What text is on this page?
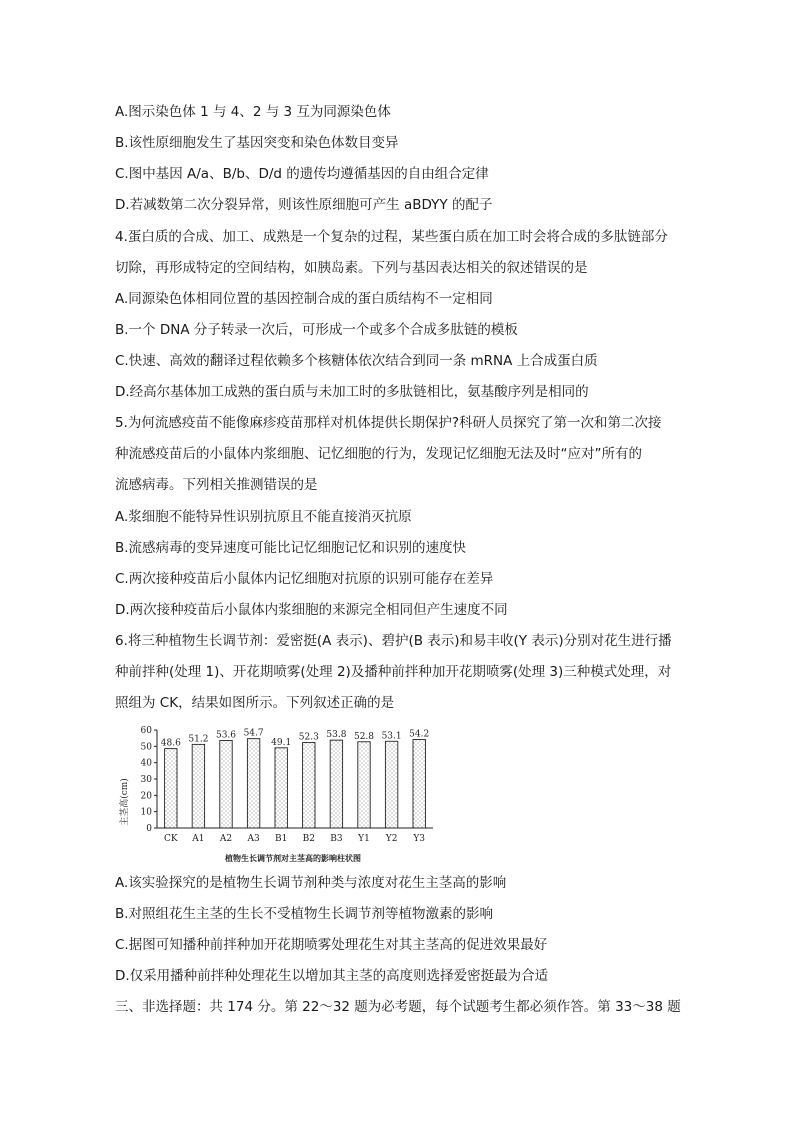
A.图示染色体 1 与 4、2 与 3 互为同源染色体
B.该性原细胞发生了基因突变和染色体数目变异
C.图中基因 A/a、B/b、D/d 的遗传均遵循基因的自由组合定律
D.若减数第二次分裂异常，则该性原细胞可产生 aBDYY 的配子
4.蛋白质的合成、加工、成熟是一个复杂的过程，某些蛋白质在加工时会将合成的多肽链部分
切除，再形成特定的空间结构，如胰岛素。下列与基因表达相关的叙述错误的是
A.同源染色体相同位置的基因控制合成的蛋白质结构不一定相同
B.一个 DNA 分子转录一次后，可形成一个或多个合成多肽链的模板
C.快速、高效的翻译过程依赖多个核糖体依次结合到同一条 mRNA 上合成蛋白质
D.经高尔基体加工成熟的蛋白质与未加工时的多肽链相比，氨基酸序列是相同的
5.为何流感疫苗不能像麻疹疫苗那样对机体提供长期保护?科研人员探究了第一次和第二次接
种流感疫苗后的小鼠体内浆细胞、记忆细胞的行为，发现记忆细胞无法及时“应对”所有的
流感病毒。下列相关推测错误的是
A.浆细胞不能特异性识别抗原且不能直接消灭抗原
B.流感病毒的变异速度可能比记忆细胞记忆和识别的速度快
C.两次接种疫苗后小鼠体内记忆细胞对抗原的识别可能存在差异
D.两次接种疫苗后小鼠体内浆细胞的来源完全相同但产生速度不同
6.将三种植物生长调节剂：爱密挺(A 表示)、碧护(B 表示)和易丰收(Y 表示)分别对花生进行播
种前拌种(处理 1)、开花期喷雾(处理 2)及播种前拌种加开花期喷雾(处理 3)三种模式处理，对
照组为 CK，结果如图所示。下列叙述正确的是
0
10
20
30
40
50
60
48.6
CK
51.2
A1
53.6
A2
54.7
A3
49.1
B1
52.3
B2
53.8
B3
52.8
Y1
53.1
Y2
54.2
Y3
主茎高(cm)
植物生长调节剂对主茎高的影响柱状图
A.该实验探究的是植物生长调节剂种类与浓度对花生主茎高的影响
B.对照组花生主茎的生长不受植物生长调节剂等植物激素的影响
C.据图可知播种前拌种加开花期喷雾处理花生对其主茎高的促进效果最好
D.仅采用播种前拌种处理花生以增加其主茎的高度则选择爱密挺最为合适
三、非选择题：共 174 分。第 22～32 题为必考题，每个试题考生都必须作答。第 33～38 题
